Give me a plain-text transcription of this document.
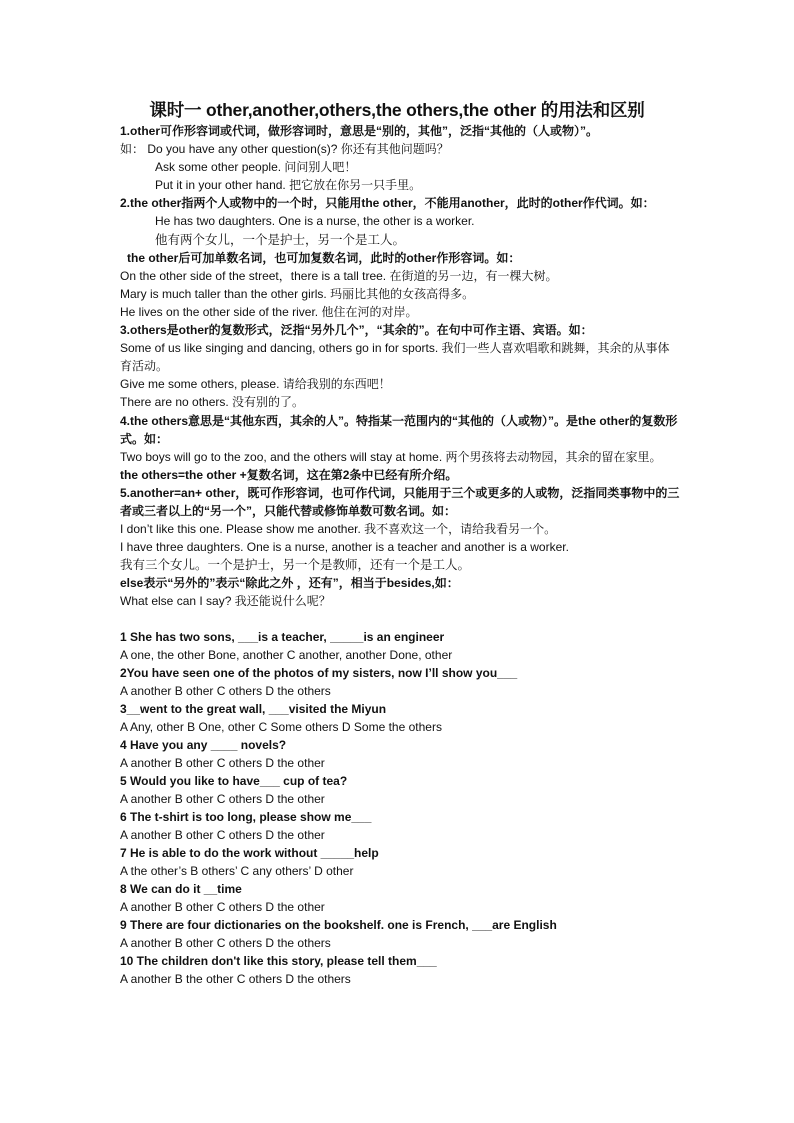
课时一 other,another,others,the others,the other 的用法和区别
1.other可作形容词或代词，做形容词时，意思是“别的，其他”，泛指“其他的（人或物）”。
如： Do you have any other question(s)? 你还有其他问题吗？
Ask some other people. 问问别人吧！
Put it in your other hand. 把它放在你另一只手里。
2.the other指两个人或物中的一个时，只能用the other，不能用another，此时的other作代词。如：
He has two daughters. One is a nurse, the other is a worker.
他有两个女儿，一个是护士，另一个是工人。
the other后可加单数名词，也可加复数名词，此时的other作形容词。如：
On the other side of the street，there is a tall tree. 在街道的另一边，有一棵大树。
Mary is much taller than the other girls. 玛丽比其他的女孩高得多。
He lives on the other side of the river. 他住在河的对岸。
3.others是other的复数形式，泛指“另外几个”，“其余的”。在句中可作主语、宾语。如：
Some of us like singing and dancing, others go in for sports. 我们一些人喜欢唱歌和跳舞，其余的从事体育活动。
Give me some others, please. 请给我别的东西吧！
There are no others. 没有别的了。
4.the others意思是“其他东西，其余的人”。特指某一范围内的“其他的（人或物）”。是the other的复数形式。如：
Two boys will go to the zoo, and the others will stay at home. 两个男孩将去动物园，其余的留在家里。
the others=the other +复数名词，这在第2条中已经有所介绍。
5.another=an+ other，既可作形容词，也可作代词，只能用于三个或更多的人或物，泛指同类事物中的三者或三者以上的“另一个”，只能代替或修饰单数可数名词。如：
I don’t like this one. Please show me another. 我不喜欢这一个，请给我看另一个。
I have three daughters. One is a nurse, another is a teacher and another is a worker.
我有三个女儿。一个是护士，另一个是教师，还有一个是工人。
else表示“另外的”表示“除此之外 ，还有”，相当于besides,如：
What else can I say? 我还能说什么呢？
1 She has two sons, ___is a teacher, _____is an engineer
A one, the other Bone, another C another, another Done, other
2You have seen one of the photos of my sisters, now I’ll show you___
A another B other C others D the others
3__went to the great wall, ___visited the Miyun
A Any, other B One, other C Some others D Some the others
4 Have you any ____ novels?
A another B other C others D the other
5 Would you like to have___ cup of tea?
A another B other C others D the other
6 The t-shirt is too long, please show me___
A another B other C others D the other
7 He is able to do the work without _____help
A the other’s B others’ C any others’ D other
8 We can do it __time
A another B other C others D the other
9 There are four dictionaries on the bookshelf. one is French, ___are English
A another B other C others D the others
10 The children don't like this story, please tell them___
A another B the other C others D the others
